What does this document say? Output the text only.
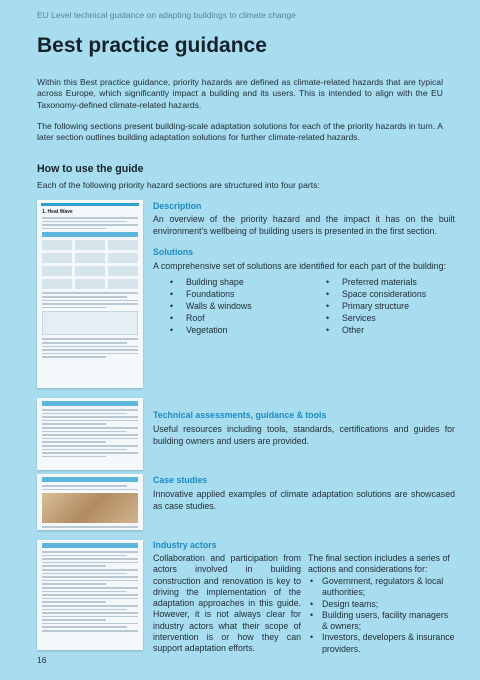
EU Level technical guidance on adapting buildings to climate change
Best practice guidance

Within this Best practice guidance, priority hazards are defined as climate-related hazards that are typical across Europe, which significantly impact a building and its users. This is intended to align with the EU Taxonomy-defined climate-related hazards.

The following sections present building-scale adaptation solutions for each of the priority hazards in turn. A later section outlines building adaptation solutions for further climate-related hazards.

How to use the guide

Each of the following priority hazard sections are structured into four parts:

1. Heat Wave
Description

An overview of the priority hazard and the impact it has on the built environment’s wellbeing of building users is presented in the first section.

Solutions

A comprehensive set of solutions are identified for each part of the building:

• Building shape
• Foundations
• Walls & windows
• Roof
• Vegetation
• Preferred materials
• Space considerations
• Primary structure
• Services
• Other
Technical assessments, guidance & tools

Useful resources including tools, standards, certifications and guides for building owners and users are provided.

Case studies

Innovative applied examples of climate adaptation solutions are showcased as case studies.

Industry actors

Collaboration and participation from actors involved in building construction and renovation is key to driving the implementation of the adaptation approaches in this guide. However, it is not always clear for industry actors what their scope of intervention is or how they can support adaptation efforts.

The final section includes a series of actions and considerations for:

• Government, regulators & local authorities;
• Design teams;
• Building users, facility managers & owners;
• Investors, developers & insurance providers.
16
